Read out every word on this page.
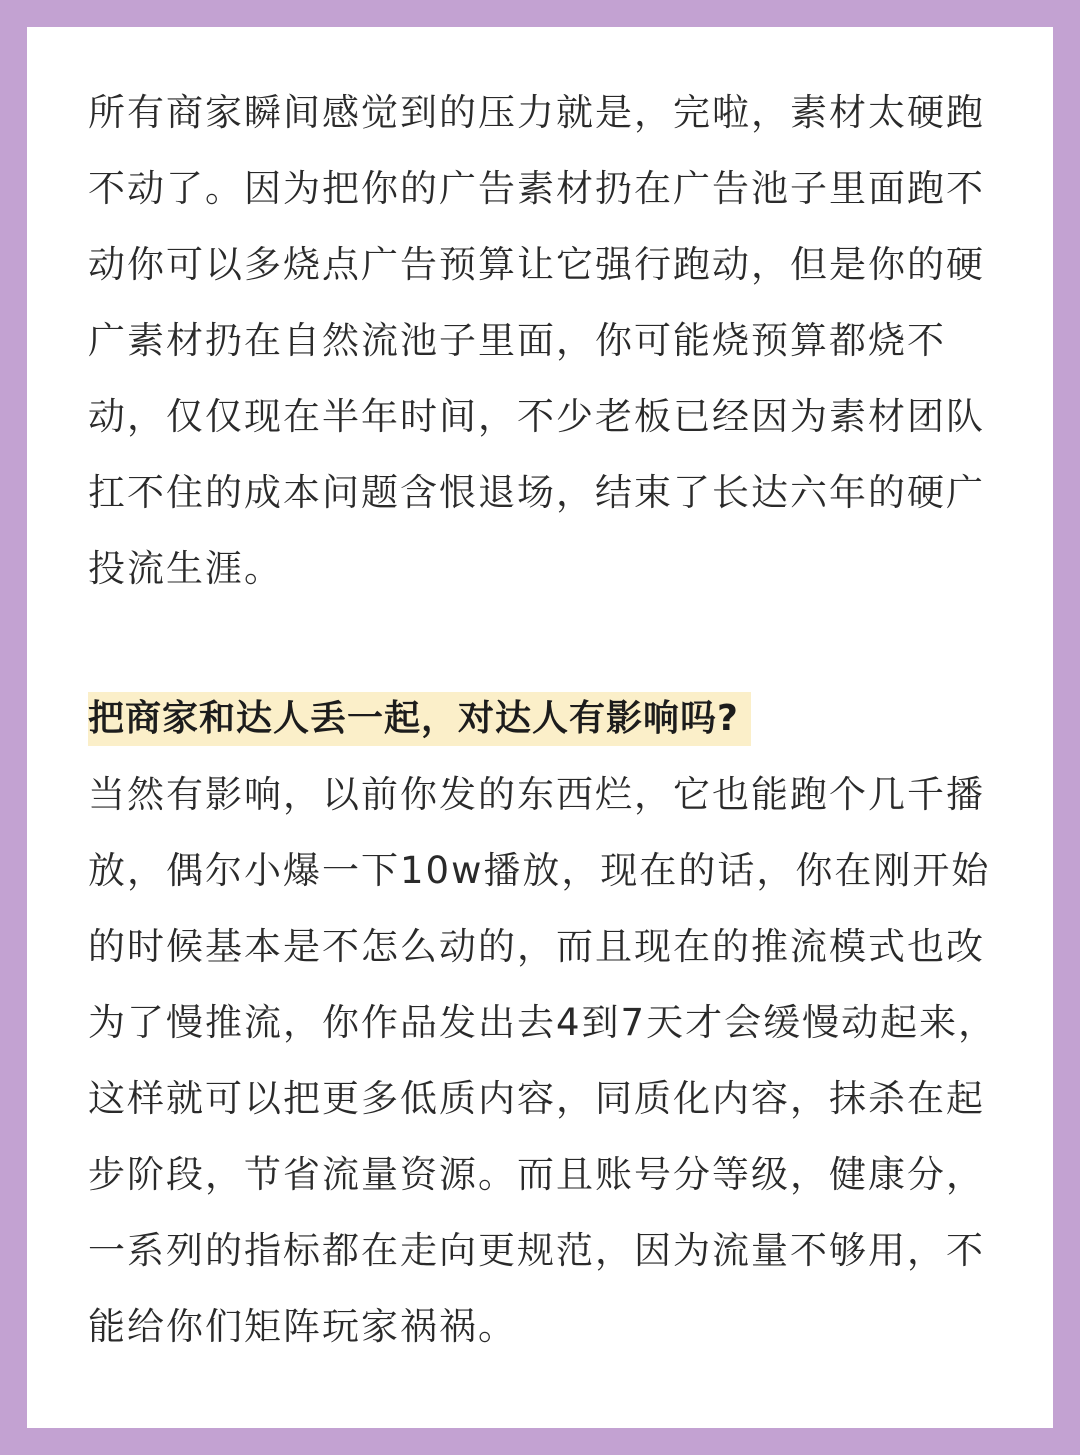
所有商家瞬间感觉到的压力就是，完啦，素材太硬跑不动了。因为把你的广告素材扔在广告池子里面跑不动你可以多烧点广告预算让它强行跑动，但是你的硬广素材扔在自然流池子里面，你可能烧预算都烧不动，仅仅现在半年时间，不少老板已经因为素材团队扛不住的成本问题含恨退场，结束了长达六年的硬广投流生涯。

把商家和达人丢一起，对达人有影响吗?

当然有影响，以前你发的东西烂，它也能跑个几千播放，偶尔小爆一下10w播放，现在的话，你在刚开始的时候基本是不怎么动的，而且现在的推流模式也改为了慢推流，你作品发出去4到7天才会缓慢动起来，这样就可以把更多低质内容，同质化内容，抹杀在起步阶段，节省流量资源。而且账号分等级，健康分，一系列的指标都在走向更规范，因为流量不够用，不能给你们矩阵玩家祸祸。
